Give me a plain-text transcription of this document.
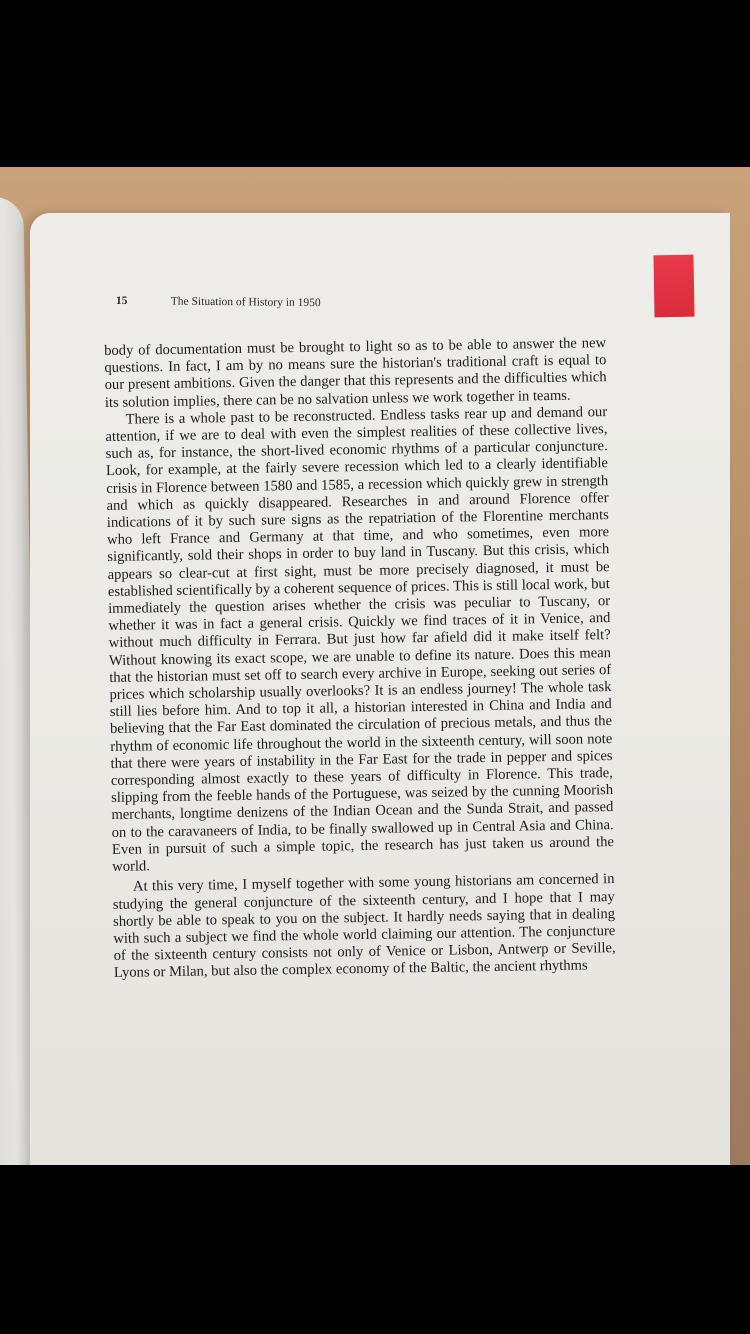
15	The Situation of History in 1950

body of documentation must be brought to light so as to be able to answer the new questions. In fact, I am by no means sure the historian's traditional craft is equal to our present ambitions. Given the danger that this represents and the difficulties which its solution implies, there can be no salvation unless we work together in teams.

There is a whole past to be reconstructed. Endless tasks rear up and demand our attention, if we are to deal with even the simplest realities of these collective lives, such as, for instance, the short-lived economic rhythms of a particular conjuncture. Look, for example, at the fairly severe recession which led to a clearly identifiable crisis in Florence between 1580 and 1585, a recession which quickly grew in strength and which as quickly disappeared. Researches in and around Florence offer indications of it by such sure signs as the repatriation of the Florentine merchants who left France and Germany at that time, and who sometimes, even more significantly, sold their shops in order to buy land in Tuscany. But this crisis, which appears so clear-cut at first sight, must be more precisely diagnosed, it must be established scientifically by a coherent sequence of prices. This is still local work, but immediately the question arises whether the crisis was peculiar to Tuscany, or whether it was in fact a general crisis. Quickly we find traces of it in Venice, and without much difficulty in Ferrara. But just how far afield did it make itself felt? Without knowing its exact scope, we are unable to define its nature. Does this mean that the historian must set off to search every archive in Europe, seeking out series of prices which scholarship usually overlooks? It is an endless journey! The whole task still lies before him. And to top it all, a historian interested in China and India and believing that the Far East dominated the circulation of precious metals, and thus the rhythm of economic life throughout the world in the sixteenth century, will soon note that there were years of instability in the Far East for the trade in pepper and spices corresponding almost exactly to these years of difficulty in Florence. This trade, slipping from the feeble hands of the Portuguese, was seized by the cunning Moorish merchants, longtime denizens of the Indian Ocean and the Sunda Strait, and passed on to the caravaneers of India, to be finally swallowed up in Central Asia and China. Even in pursuit of such a simple topic, the research has just taken us around the world.

At this very time, I myself together with some young historians am concerned in studying the general conjuncture of the sixteenth century, and I hope that I may shortly be able to speak to you on the subject. It hardly needs saying that in dealing with such a subject we find the whole world claiming our attention. The conjuncture of the sixteenth century consists not only of Venice or Lisbon, Antwerp or Seville, Lyons or Milan, but also the complex economy of the Baltic, the ancient rhythms
